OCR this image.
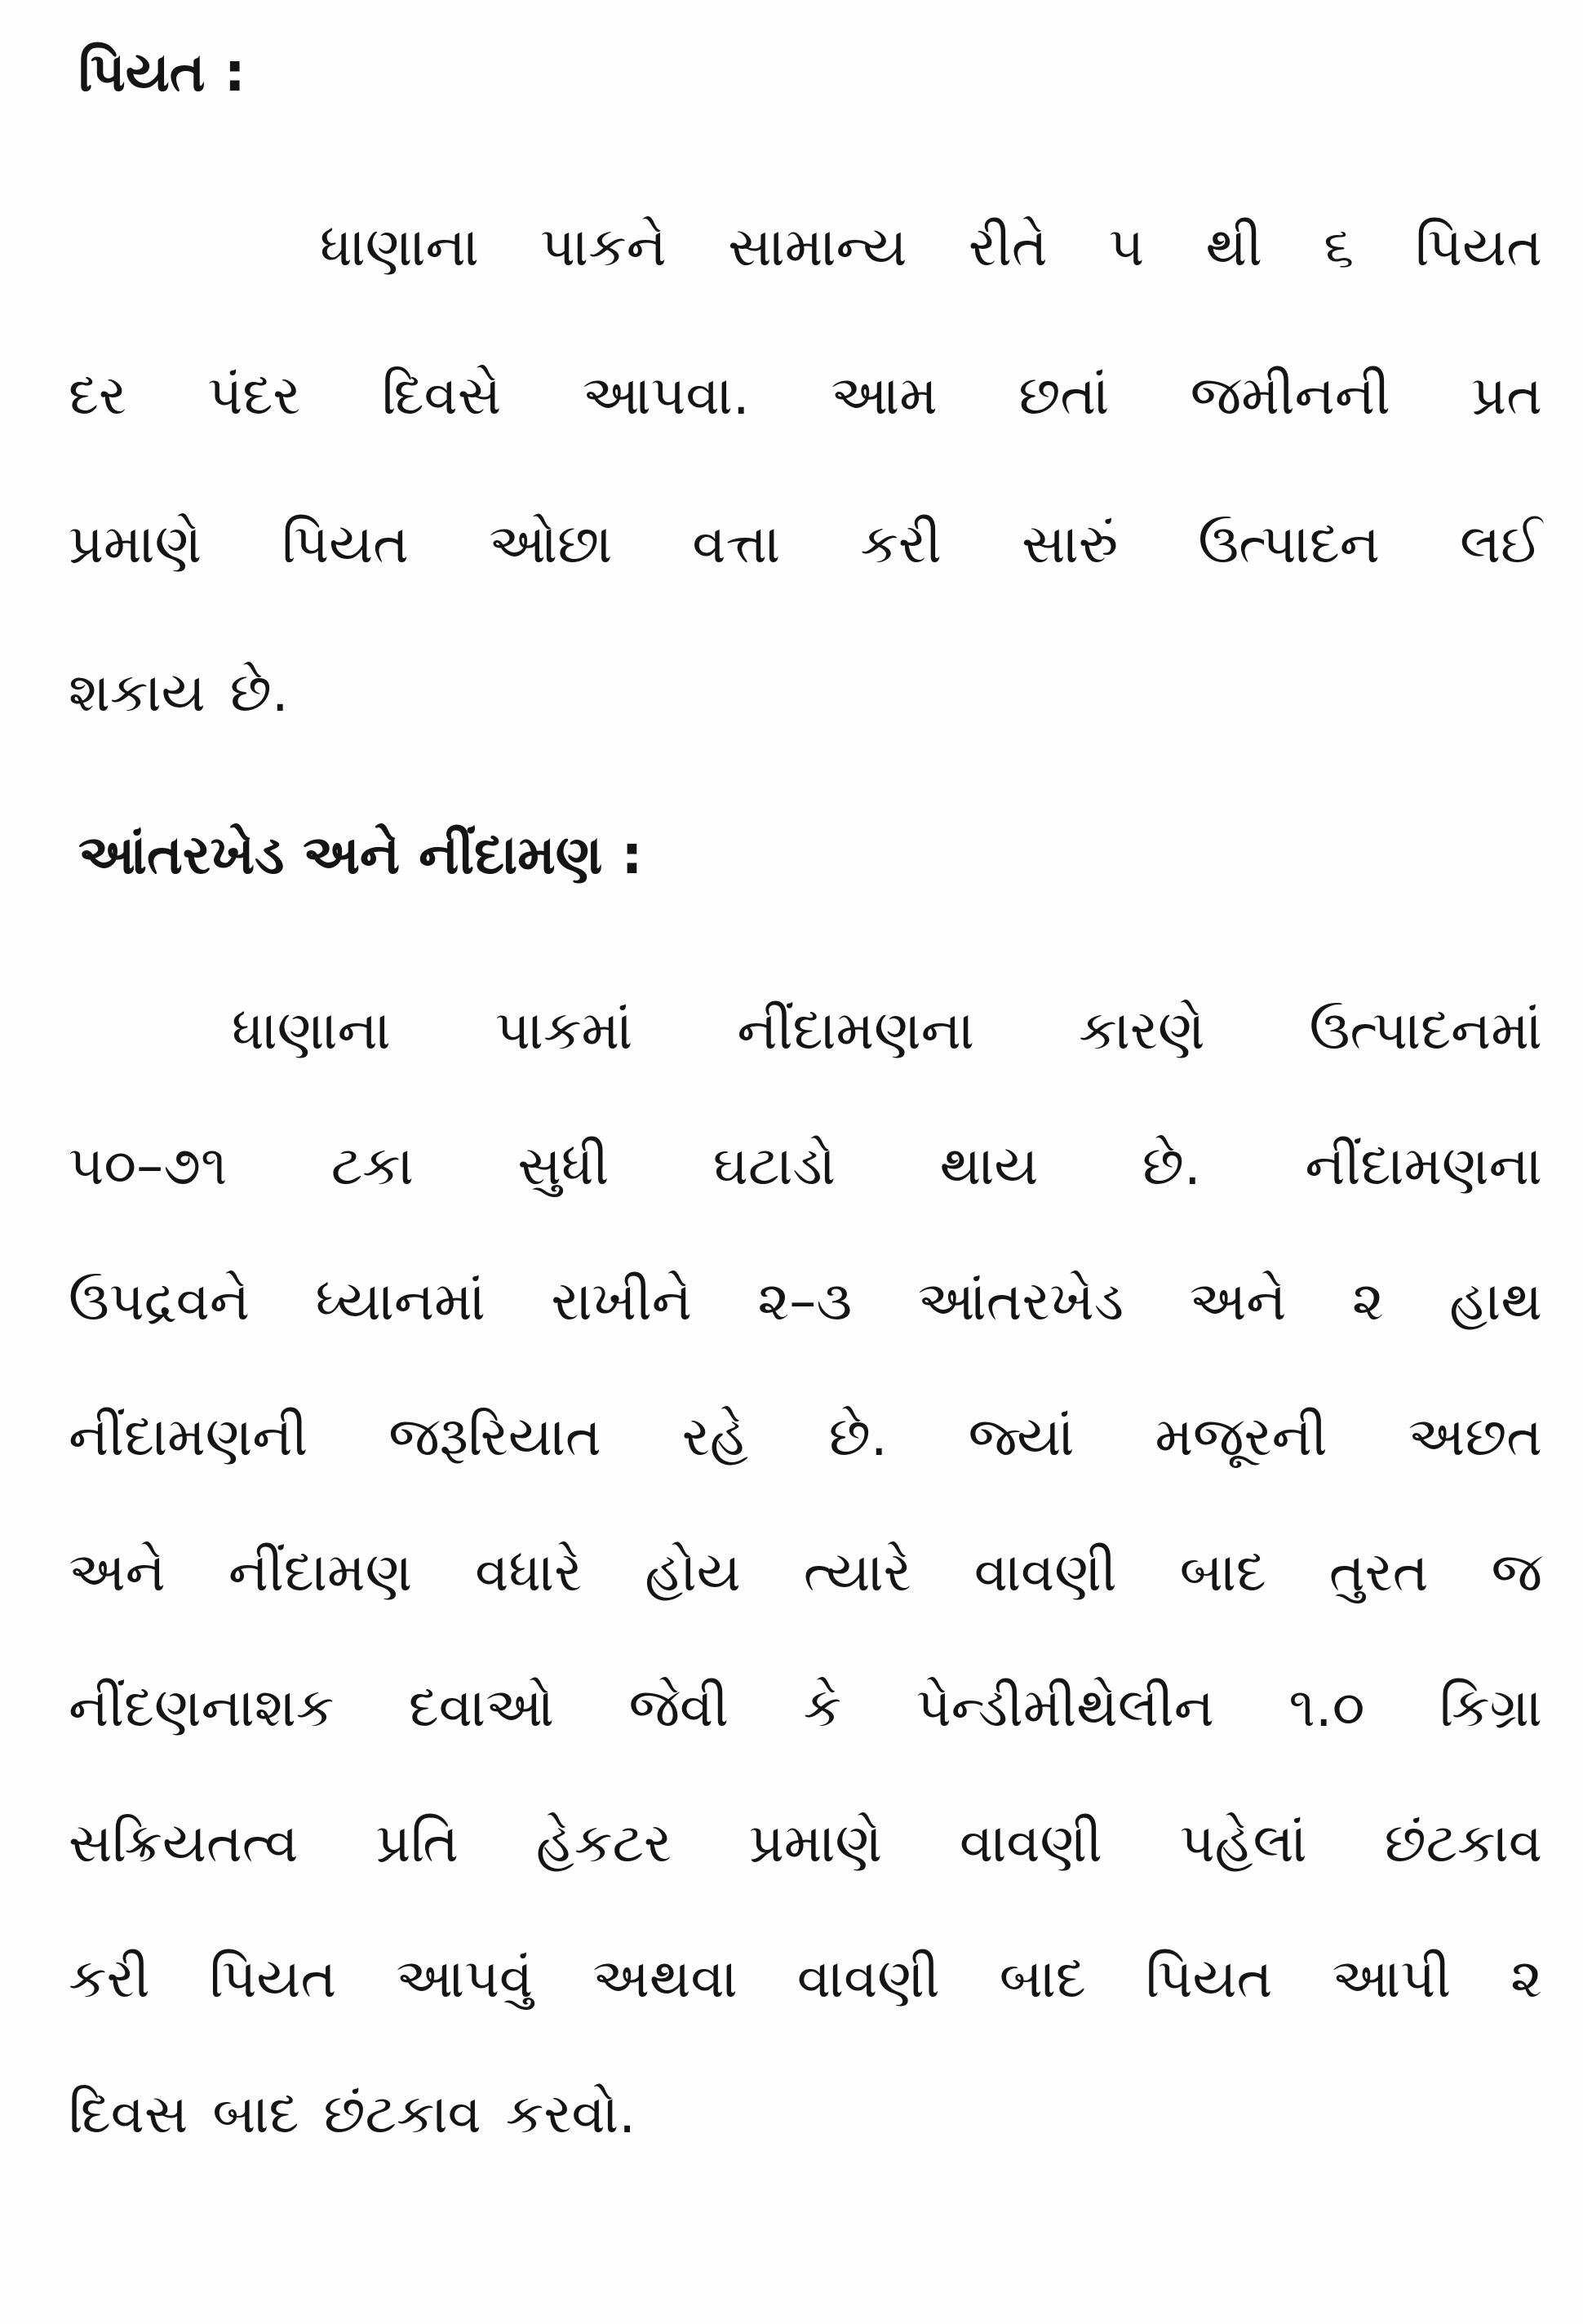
પિયત :
ધાણાના પાકને સામાન્ય રીતે ૫ થી ૬ પિયત
દર પંદર દિવસે આપવા. આમ છતાં જમીનની પ્રત
પ્રમાણે પિયત ઓછા વત્તા કરી સારું ઉત્પાદન લઈ
શકાય છે.
આંતરખેડ અને નીંદામણ :
ધાણાના પાકમાં નીંદામણના કારણે ઉત્પાદનમાં
૫૦–૭૧ ટકા સુધી ઘટાડો થાય છે. નીંદામણના
ઉપદ્રવને ધ્યાનમાં રાખીને ૨–૩ આંતરખેડ અને ૨ હાથ
નીંદામણની જરૂરિયાત રહે છે. જ્યાં મજૂરની અછત
અને નીંદામણ વધારે હોય ત્યારે વાવણી બાદ તુરત જ
નીંદણનાશક દવાઓ જેવી કે પેન્ડીમીથેલીન ૧.૦ કિગ્રા
સક્રિયતત્વ પ્રતિ હેકટર પ્રમાણે વાવણી પહેલાં છંટકાવ
કરી પિયત આપવું અથવા વાવણી બાદ પિયત આપી ૨
દિવસ બાદ છંટકાવ કરવો.
